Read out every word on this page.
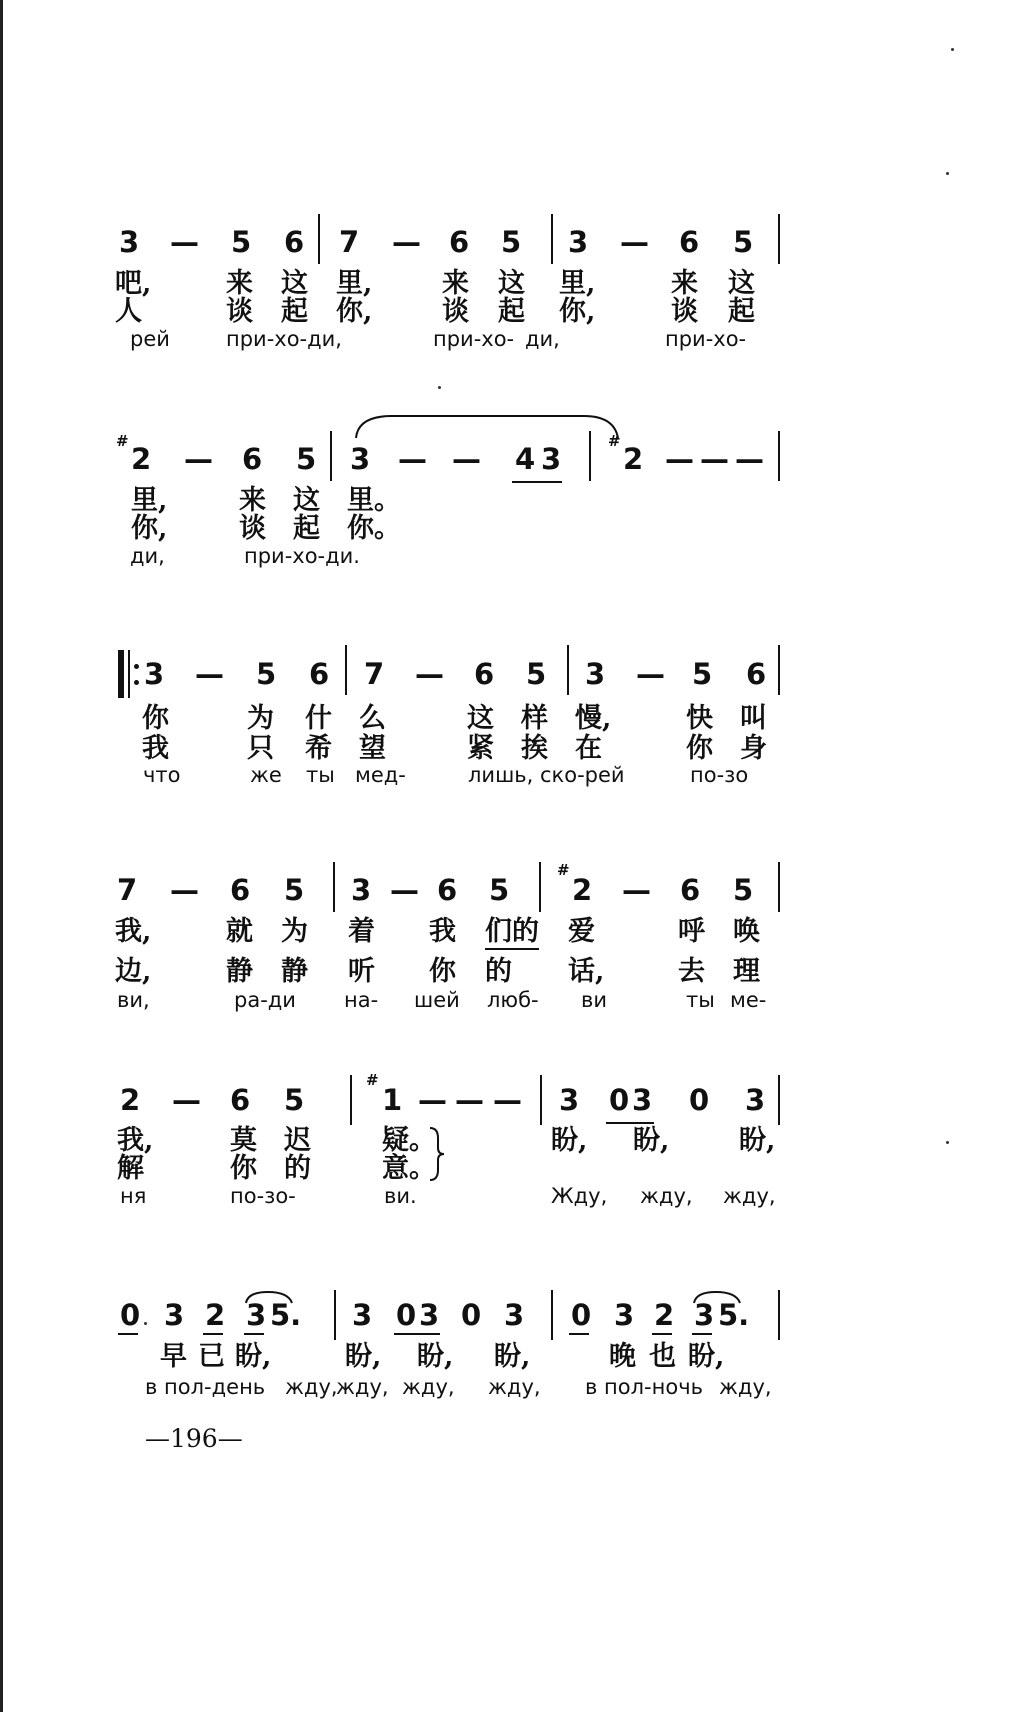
3 — 5 6 7 — 6 5 3 — 6 5
吧,	来 这 里,	来 这 里,	来 这
人	谈 起 你,	谈 起 你,	谈 起
рей	при-хо-ди,	при-хо- ди,	при-хо-
#
2 — 6 5 3 — — 4 3
#
2 — — —
里,	来 这 里。
你,	谈 起 你。
ди,	при-хо-ди.
3 — 5 6 7 — 6 5 3 — 5 6
你	为 什 么	这 样 慢,	快 叫
我	只 希 望	紧 挨 在	你 身
что	же ты мед-	лишь, ско-рей	по-зо
7 — 6 5 3 — 6 5
#
2 — 6 5
我,	就 为 着 我 们的 爱	呼 唤
边,	静 静 听 你 的 话,	去 理
ви,	ра-ди на- шей люб- ви	ты ме-
2 — 6 5
#
1 — — — 3 0 3 0 3
我,	莫 迟	疑。	盼, 盼,	盼,
解	你 的	意。
ня	по-зо-	ви.	Жду, жду, жду,
0 3 2 3 5. 3 0 3 0 3 0 3 2 3 5.
早 已 盼,	盼, 盼, 盼,	晚 也 盼,
в пол-день жду,
жду, жду, жду, в пол-ночь жду,
—196—
